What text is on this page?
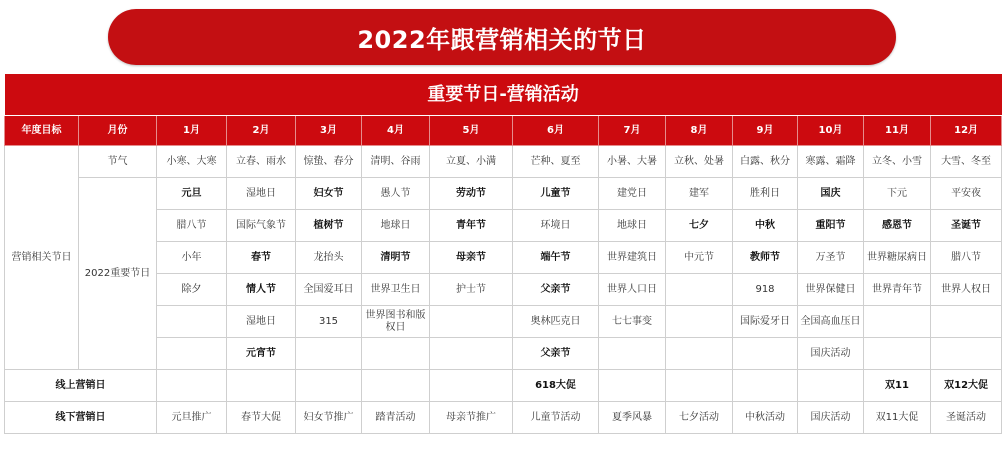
2022年跟营销相关的节日
重要节日-营销活动													
年度目标	月份	1月	2月	3月	4月	5月	6月	7月	8月	9月	10月	11月	12月
营销相关节日	节气	小寒、大寒	立春、雨水	惊蛰、春分	清明、谷雨	立夏、小满	芒种、夏至	小暑、大暑	立秋、处暑	白露、秋分	寒露、霜降	立冬、小雪	大雪、冬至
	2022重要节日	元旦	湿地日	妇女节	愚人节	劳动节	儿童节	建党日	建军	胜利日	国庆	下元	平安夜
		腊八节	国际气象节	植树节	地球日	青年节	环境日	地球日	七夕	中秋	重阳节	感恩节	圣诞节
		小年	春节	龙抬头	清明节	母亲节	端午节	世界建筑日	中元节	教师节	万圣节	世界糖尿病日	腊八节
		除夕	情人节	全国爱耳日	世界卫生日	护士节	父亲节	世界人口日		918	世界保健日	世界青年节	世界人权日
			湿地日	315	世界图书和版权日		奥林匹克日	七七事变		国际爱牙日	全国高血压日		
			元宵节				父亲节				国庆活动		
线上营销日							618大促					双11	双12大促
线下营销日		元旦推广	春节大促	妇女节推广	踏青活动	母亲节推广	儿童节活动	夏季风暴	七夕活动	中秋活动	国庆活动	双11大促	圣诞活动
